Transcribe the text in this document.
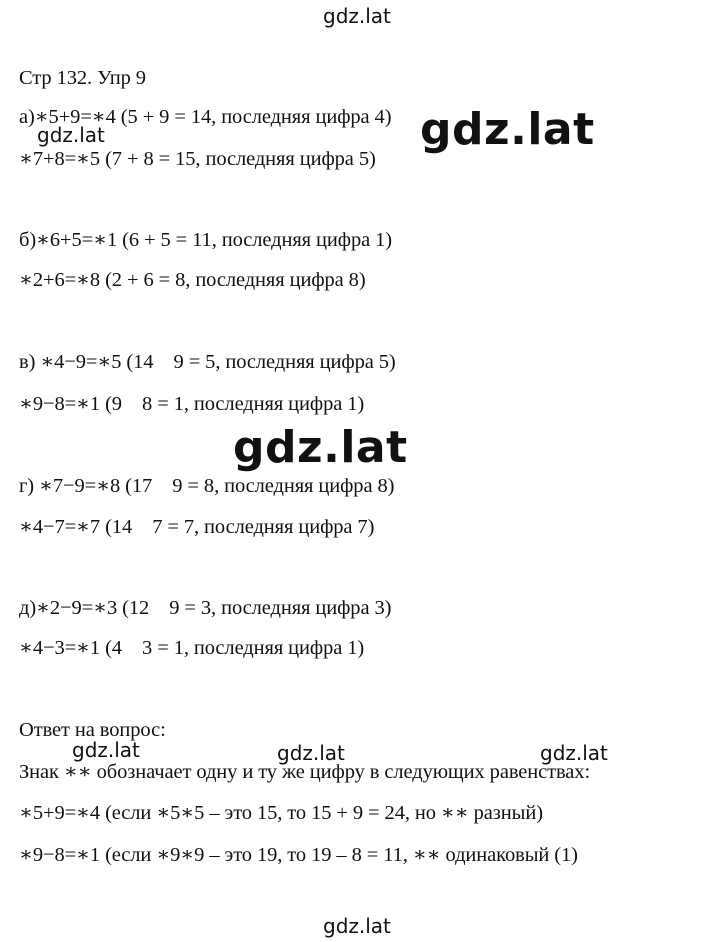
gdz.lat
Стр 132. Упр 9
а)∗5+9=∗4 (5 + 9 = 14, последняя цифра 4)
∗7+8=∗5 (7 + 8 = 15, последняя цифра 5)
б)∗6+5=∗1 (6 + 5 = 11, последняя цифра 1)
∗2+6=∗8 (2 + 6 = 8, последняя цифра 8)
в) ∗4−9=∗5 (14    9 = 5, последняя цифра 5)
∗9−8=∗1 (9    8 = 1, последняя цифра 1)
г) ∗7−9=∗8 (17    9 = 8, последняя цифра 8)
∗4−7=∗7 (14    7 = 7, последняя цифра 7)
д)∗2−9=∗3 (12    9 = 3, последняя цифра 3)
∗4−3=∗1 (4    3 = 1, последняя цифра 1)
Ответ на вопрос:
Знак ∗∗ обозначает одну и ту же цифру в следующих равенствах:
∗5+9=∗4 (если ∗5∗5 – это 15, то 15 + 9 = 24, но ∗∗ разный)
∗9−8=∗1 (если ∗9∗9 – это 19, то 19 – 8 = 11, ∗∗ одинаковый (1)
gdz.lat	gdz.lat
gdz.lat
gdz.lat	gdz.lat	gdz.lat
gdz.lat
